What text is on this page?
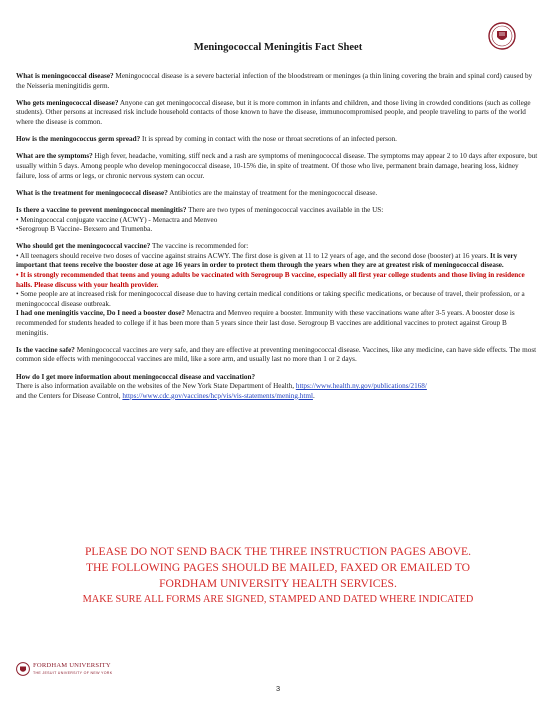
Meningococcal Meningitis Fact Sheet

What is meningococcal disease? Meningococcal disease is a severe bacterial infection of the bloodstream or meninges (a thin lining covering the brain and spinal cord) caused by the Neisseria meningitidis germ.

Who gets meningococcal disease? Anyone can get meningococcal disease, but it is more common in infants and children, and those living in crowded conditions (such as college students). Other persons at increased risk include household contacts of those known to have the disease, immunocompromised people, and people traveling to parts of the world where the disease is common.

How is the meningococcus germ spread? It is spread by coming in contact with the nose or throat secretions of an infected person.

What are the symptoms? High fever, headache, vomiting, stiff neck and a rash are symptoms of meningococcal disease. The symptoms may appear 2 to 10 days after exposure, but usually within 5 days. Among people who develop meningococcal disease, 10-15% die, in spite of treatment. Of those who live, permanent brain damage, hearing loss, kidney failure, loss of arms or legs, or chronic nervous system can occur.

What is the treatment for meningococcal disease? Antibiotics are the mainstay of treatment for the meningococcal disease.

Is there a vaccine to prevent meningococcal meningitis? There are two types of meningococcal vaccines available in the US:
• Meningococcal conjugate vaccine (ACWY) - Menactra and Menveo
•Serogroup B Vaccine- Bexsero and Trumenba.

Who should get the meningococcal vaccine? The vaccine is recommended for:
• All teenagers should receive two doses of vaccine against strains ACWY. The first dose is given at 11 to 12 years of age, and the second dose (booster) at 16 years. It is very important that teens receive the booster dose at age 16 years in order to protect them through the years when they are at greatest risk of meningococcal disease.
• It is strongly recommended that teens and young adults be vaccinated with Serogroup B vaccine, especially all first year college students and those living in residence halls. Please discuss with your health provider.
• Some people are at increased risk for meningococcal disease due to having certain medical conditions or taking specific medications, or because of travel, their profession, or a meningococcal disease outbreak.

I had one meningitis vaccine, Do I need a booster dose? Menactra and Menveo require a booster. Immunity with these vaccinations wane after 3-5 years. A booster dose is recommended for students headed to college if it has been more than 5 years since their last dose. Serogroup B vaccines are additional vaccines to protect against Group B meningitis.

Is the vaccine safe? Meningococcal vaccines are very safe, and they are effective at preventing meningococcal disease. Vaccines, like any medicine, can have side effects. The most common side effects with meningococcal vaccines are mild, like a sore arm, and usually last no more than 1 or 2 days.

How do I get more information about meningococcal disease and vaccination?
There is also information available on the websites of the New York State Department of Health, https://www.health.ny.gov/publications/2168/
and the Centers for Disease Control, https://www.cdc.gov/vaccines/hcp/vis/vis-statements/mening.html.

PLEASE DO NOT SEND BACK THE THREE INSTRUCTION PAGES ABOVE.
THE FOLLOWING PAGES SHOULD BE MAILED, FAXED OR EMAILED TO
FORDHAM UNIVERSITY HEALTH SERVICES.
MAKE SURE ALL FORMS ARE SIGNED, STAMPED AND DATED WHERE INDICATED
FORDHAM UNIVERSITY
THE JESUIT UNIVERSITY OF NEW YORK
3
